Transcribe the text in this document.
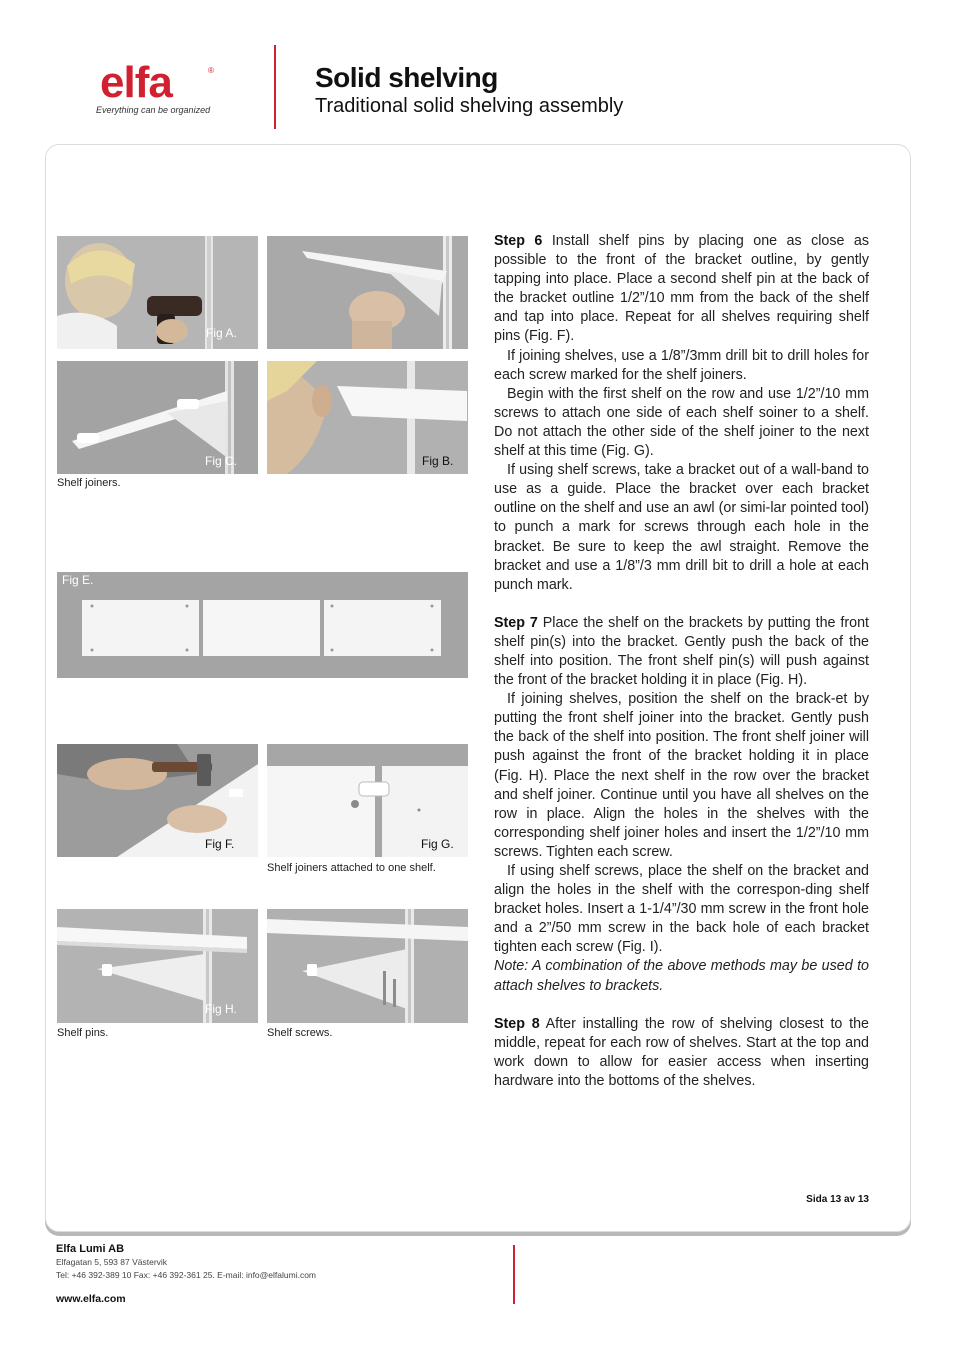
elfa	®
Everything can be organized
Solid shelving
Traditional solid shelving assembly
Fig A.
Fig C.	Fig B.
Shelf joiners.
Fig E.
Fig F.	Fig G.
Shelf joiners attached to one shelf.
Fig H.
Shelf pins.	Shelf screws.

Step 6 Install shelf pins by placing one as close as possible to the front of the bracket outline, by gently tapping into place. Place a second shelf pin at the back of the bracket outline 1/2”/10 mm from the back of the shelf and tap into place. Repeat for all shelves requiring shelf pins (Fig. F).

If joining shelves, use a 1/8”/3mm drill bit to drill holes for each screw marked for the shelf joiners.

Begin with the first shelf on the row and use 1/2”/10 mm screws to attach one side of each shelf soiner to a shelf. Do not attach the other side of the shelf joiner to the next shelf at this time (Fig. G).

If using shelf screws, take a bracket out of a wall-band to use as a guide. Place the bracket over each bracket outline on the shelf and use an awl (or simi-lar pointed tool) to punch a mark for screws through each hole in the bracket. Be sure to keep the awl straight. Remove the bracket and use a 1/8”/3 mm drill bit to drill a hole at each punch mark.

Step 7 Place the shelf on the brackets by putting the front shelf pin(s) into the bracket. Gently push the back of the shelf into position. The front shelf pin(s) will push against the front of the bracket holding it in place (Fig. H).

If joining shelves, position the shelf on the brack-et by putting the front shelf joiner into the bracket. Gently push the back of the shelf into position. The front shelf joiner will push against the front of the bracket holding it in place (Fig. H). Place the next shelf in the row over the bracket and shelf joiner. Continue until you have all shelves on the row in place. Align the holes in the shelves with the corresponding shelf joiner holes and insert the 1/2”/10 mm screws. Tighten each screw.

If using shelf screws, place the shelf on the bracket and align the holes in the shelf with the correspon-ding shelf bracket holes. Insert a 1-1/4”/30 mm screw in the front hole and a 2”/50 mm screw in the back hole of each bracket tighten each screw (Fig. I).

Note: A combination of the above methods may be used to attach shelves to brackets.

Step 8 After installing the row of shelving closest to the middle, repeat for each row of shelves. Start at the top and work down to allow for easier access when inserting hardware into the bottoms of the shelves.

Sida 13 av 13
Elfa Lumi AB
Elfagatan 5, 593 87 Västervik
Tel: +46 392-389 10 Fax: +46 392-361 25. E-mail: info@elfalumi.com
www.elfa.com
